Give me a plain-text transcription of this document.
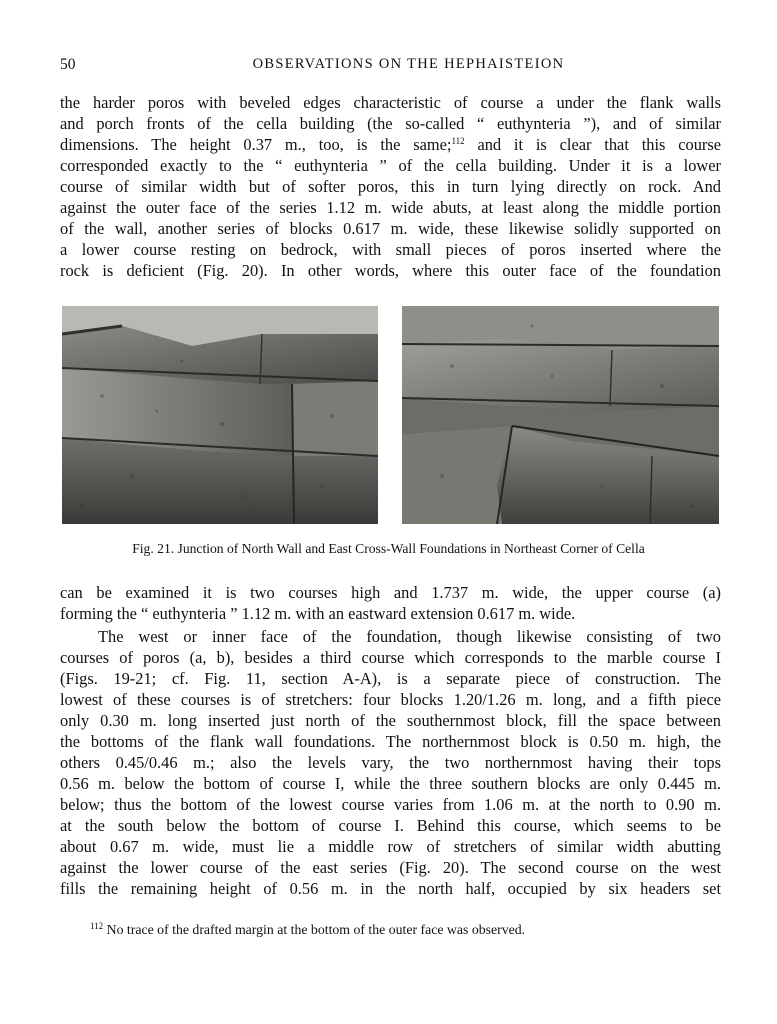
50	OBSERVATIONS ON THE HEPHAISTEION
the harder poros with beveled edges characteristic of course a under the flank walls
and porch fronts of the cella building (the so-called “ euthynteria ”), and of similar
dimensions. The height 0.37 m., too, is the same;$^{112}$ and it is clear that this course
corresponded exactly to the “ euthynteria ” of the cella building. Under it is a lower
course of similar width but of softer poros, this in turn lying directly on rock. And
against the outer face of the series 1.12 m. wide abuts, at least along the middle portion
of the wall, another series of blocks 0.617 m. wide, these likewise solidly supported on
a lower course resting on bedrock, with small pieces of poros inserted where the
rock is deficient (Fig. 20). In other words, where this outer face of the foundation
Fig. 21. Junction of North Wall and East Cross-Wall Foundations in Northeast Corner of Cella
can be examined it is two courses high and 1.737 m. wide, the upper course (a)
forming the “ euthynteria ” 1.12 m. with an eastward extension 0.617 m. wide.
The west or inner face of the foundation, though likewise consisting of two
courses of poros (a, b), besides a third course which corresponds to the marble course I
(Figs. 19-21; cf. Fig. 11, section A-A), is a separate piece of construction. The
lowest of these courses is of stretchers: four blocks 1.20/1.26 m. long, and a fifth piece
only 0.30 m. long inserted just north of the southernmost block, fill the space between
the bottoms of the flank wall foundations. The northernmost block is 0.50 m. high, the
others 0.45/0.46 m.; also the levels vary, the two northernmost having their tops
0.56 m. below the bottom of course I, while the three southern blocks are only 0.445 m.
below; thus the bottom of the lowest course varies from 1.06 m. at the north to 0.90 m.
at the south below the bottom of course I. Behind this course, which seems to be
about 0.67 m. wide, must lie a middle row of stretchers of similar width abutting
against the lower course of the east series (Fig. 20). The second course on the west
fills the remaining height of 0.56 m. in the north half, occupied by six headers set
$^{112}$ No trace of the drafted margin at the bottom of the outer face was observed.
